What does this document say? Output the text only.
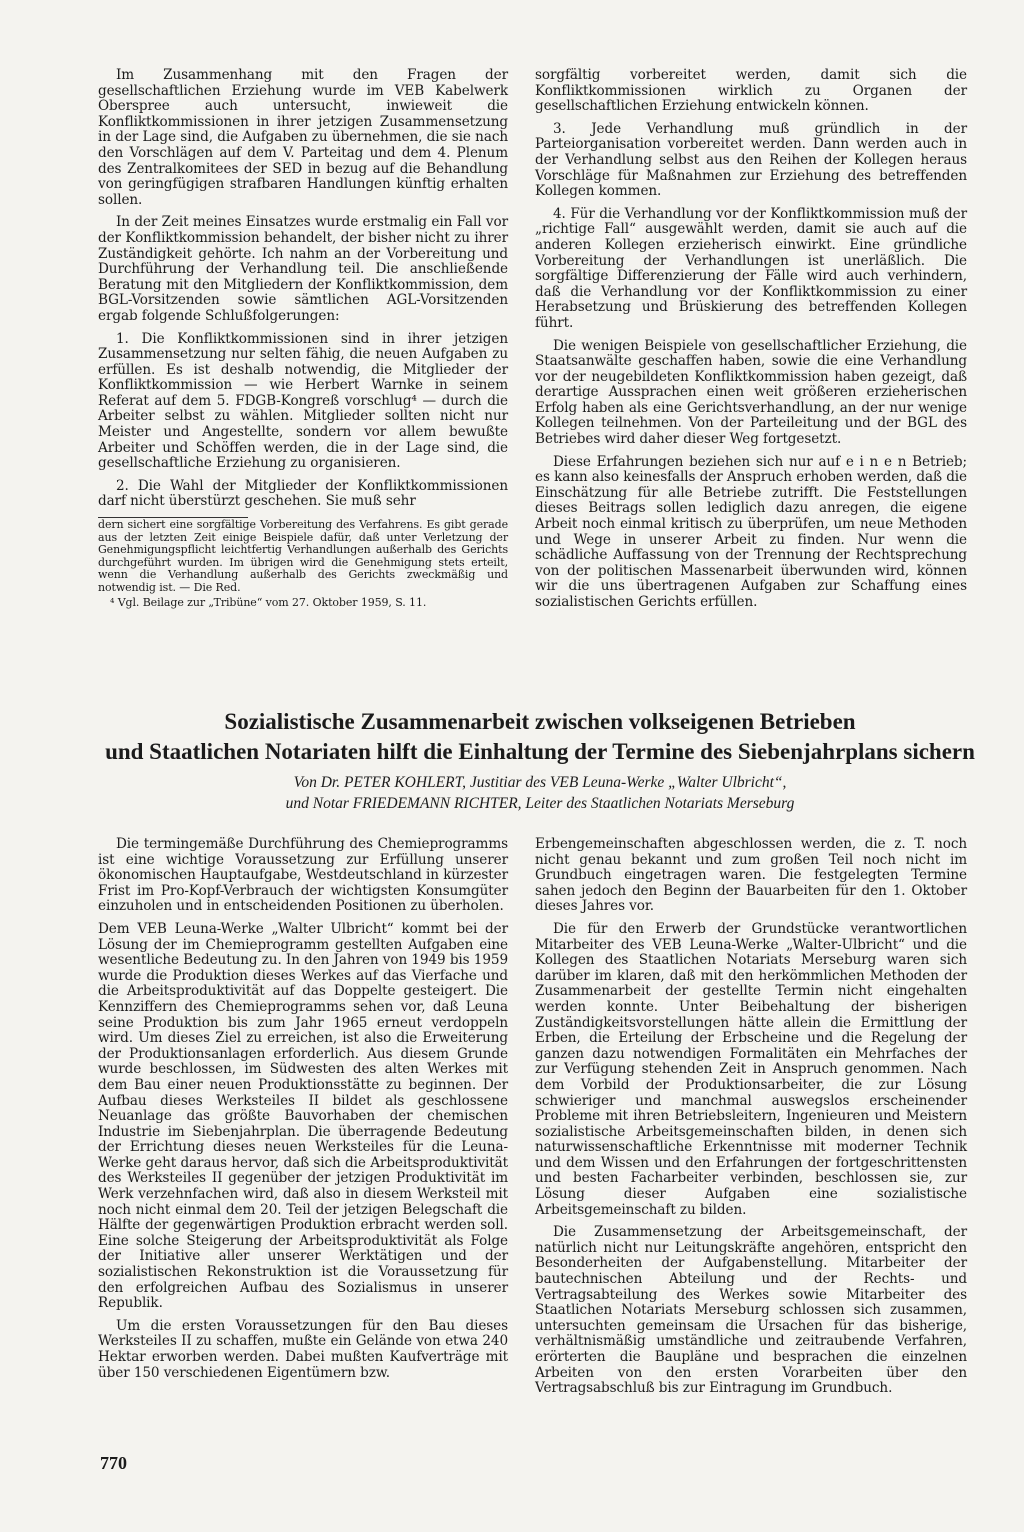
Im Zusammenhang mit den Fragen der gesellschaftlichen Erziehung wurde im VEB Kabelwerk Oberspree auch untersucht, inwieweit die Konfliktkommissionen in ihrer jetzigen Zusammensetzung in der Lage sind, die Aufgaben zu übernehmen, die sie nach den Vorschlägen auf dem V. Parteitag und dem 4. Plenum des Zentralkomitees der SED in bezug auf die Behandlung von geringfügigen strafbaren Handlungen künftig erhalten sollen.

In der Zeit meines Einsatzes wurde erstmalig ein Fall vor der Konfliktkommission behandelt, der bisher nicht zu ihrer Zuständigkeit gehörte. Ich nahm an der Vorbereitung und Durchführung der Verhandlung teil. Die anschließende Beratung mit den Mitgliedern der Konfliktkommission, dem BGL-Vorsitzenden sowie sämtlichen AGL-Vorsitzenden ergab folgende Schlußfolgerungen:

1. Die Konfliktkommissionen sind in ihrer jetzigen Zusammensetzung nur selten fähig, die neuen Aufgaben zu erfüllen. Es ist deshalb notwendig, die Mitglieder der Konfliktkommission — wie Herbert Warnke in seinem Referat auf dem 5. FDGB-Kongreß vorschlug⁴ — durch die Arbeiter selbst zu wählen. Mitglieder sollten nicht nur Meister und Angestellte, sondern vor allem bewußte Arbeiter und Schöffen werden, die in der Lage sind, die gesellschaftliche Erziehung zu organisieren.

2. Die Wahl der Mitglieder der Konfliktkommissionen darf nicht überstürzt geschehen. Sie muß sehr

dern sichert eine sorgfältige Vorbereitung des Verfahrens. Es gibt gerade aus der letzten Zeit einige Beispiele dafür, daß unter Verletzung der Genehmigungspflicht leichtfertig Verhandlungen außerhalb des Gerichts durchgeführt wurden. Im übrigen wird die Genehmigung stets erteilt, wenn die Verhandlung außerhalb des Gerichts zweckmäßig und notwendig ist. — Die Red.

⁴ Vgl. Beilage zur „Tribüne“ vom 27. Oktober 1959, S. 11.

sorgfältig vorbereitet werden, damit sich die Konfliktkommissionen wirklich zu Organen der gesellschaftlichen Erziehung entwickeln können.

3. Jede Verhandlung muß gründlich in der Parteiorganisation vorbereitet werden. Dann werden auch in der Verhandlung selbst aus den Reihen der Kollegen heraus Vorschläge für Maßnahmen zur Erziehung des betreffenden Kollegen kommen.

4. Für die Verhandlung vor der Konfliktkommission muß der „richtige Fall“ ausgewählt werden, damit sie auch auf die anderen Kollegen erzieherisch einwirkt. Eine gründliche Vorbereitung der Verhandlungen ist unerläßlich. Die sorgfältige Differenzierung der Fälle wird auch verhindern, daß die Verhandlung vor der Konfliktkommission zu einer Herabsetzung und Brüskierung des betreffenden Kollegen führt.

Die wenigen Beispiele von gesellschaftlicher Erziehung, die Staatsanwälte geschaffen haben, sowie die eine Verhandlung vor der neugebildeten Konfliktkommission haben gezeigt, daß derartige Aussprachen einen weit größeren erzieherischen Erfolg haben als eine Gerichtsverhandlung, an der nur wenige Kollegen teilnehmen. Von der Parteileitung und der BGL des Betriebes wird daher dieser Weg fortgesetzt.

Diese Erfahrungen beziehen sich nur auf e i n e n Betrieb; es kann also keinesfalls der Anspruch erhoben werden, daß die Einschätzung für alle Betriebe zutrifft. Die Feststellungen dieses Beitrags sollen lediglich dazu anregen, die eigene Arbeit noch einmal kritisch zu überprüfen, um neue Methoden und Wege in unserer Arbeit zu finden. Nur wenn die schädliche Auffassung von der Trennung der Rechtsprechung von der politischen Massenarbeit überwunden wird, können wir die uns übertragenen Aufgaben zur Schaffung eines sozialistischen Gerichts erfüllen.

Sozialistische Zusammenarbeit zwischen volkseigenen Betrieben
und Staatlichen Notariaten hilft die Einhaltung der Termine des Siebenjahrplans sichern
Von Dr. PETER KOHLERT, Justitiar des VEB Leuna-Werke „Walter Ulbricht“,
und Notar FRIEDEMANN RICHTER, Leiter des Staatlichen Notariats Merseburg

Die termingemäße Durchführung des Chemieprogramms ist eine wichtige Voraussetzung zur Erfüllung unserer ökonomischen Hauptaufgabe, Westdeutschland in kürzester Frist im Pro-Kopf-Verbrauch der wichtigsten Konsumgüter einzuholen und in entscheidenden Positionen zu überholen.

Dem VEB Leuna-Werke „Walter Ulbricht“ kommt bei der Lösung der im Chemieprogramm gestellten Aufgaben eine wesentliche Bedeutung zu. In den Jahren von 1949 bis 1959 wurde die Produktion dieses Werkes auf das Vierfache und die Arbeitsproduktivität auf das Doppelte gesteigert. Die Kennziffern des Chemieprogramms sehen vor, daß Leuna seine Produktion bis zum Jahr 1965 erneut verdoppeln wird. Um dieses Ziel zu erreichen, ist also die Erweiterung der Produktionsanlagen erforderlich. Aus diesem Grunde wurde beschlossen, im Südwesten des alten Werkes mit dem Bau einer neuen Produktionsstätte zu beginnen. Der Aufbau dieses Werksteiles II bildet als geschlossene Neuanlage das größte Bauvorhaben der chemischen Industrie im Siebenjahrplan. Die überragende Bedeutung der Errichtung dieses neuen Werksteiles für die Leuna-Werke geht daraus hervor, daß sich die Arbeitsproduktivität des Werksteiles II gegenüber der jetzigen Produktivität im Werk verzehnfachen wird, daß also in diesem Werksteil mit noch nicht einmal dem 20. Teil der jetzigen Belegschaft die Hälfte der gegenwärtigen Produktion erbracht werden soll. Eine solche Steigerung der Arbeitsproduktivität als Folge der Initiative aller unserer Werktätigen und der sozialistischen Rekonstruktion ist die Voraussetzung für den erfolgreichen Aufbau des Sozialismus in unserer Republik.

Um die ersten Voraussetzungen für den Bau dieses Werksteiles II zu schaffen, mußte ein Gelände von etwa 240 Hektar erworben werden. Dabei mußten Kaufverträge mit über 150 verschiedenen Eigentümern bzw.

Erbengemeinschaften abgeschlossen werden, die z. T. noch nicht genau bekannt und zum großen Teil noch nicht im Grundbuch eingetragen waren. Die festgelegten Termine sahen jedoch den Beginn der Bauarbeiten für den 1. Oktober dieses Jahres vor.

Die für den Erwerb der Grundstücke verantwortlichen Mitarbeiter des VEB Leuna-Werke „Walter-Ulbricht“ und die Kollegen des Staatlichen Notariats Merseburg waren sich darüber im klaren, daß mit den herkömmlichen Methoden der Zusammenarbeit der gestellte Termin nicht eingehalten werden konnte. Unter Beibehaltung der bisherigen Zuständigkeitsvorstellungen hätte allein die Ermittlung der Erben, die Erteilung der Erbscheine und die Regelung der ganzen dazu notwendigen Formalitäten ein Mehrfaches der zur Verfügung stehenden Zeit in Anspruch genommen. Nach dem Vorbild der Produktionsarbeiter, die zur Lösung schwieriger und manchmal auswegslos erscheinender Probleme mit ihren Betriebsleitern, Ingenieuren und Meistern sozialistische Arbeitsgemeinschaften bilden, in denen sich naturwissenschaftliche Erkenntnisse mit moderner Technik und dem Wissen und den Erfahrungen der fortgeschrittensten und besten Facharbeiter verbinden, beschlossen sie, zur Lösung dieser Aufgaben eine sozialistische Arbeitsgemeinschaft zu bilden.

Die Zusammensetzung der Arbeitsgemeinschaft, der natürlich nicht nur Leitungskräfte angehören, entspricht den Besonderheiten der Aufgabenstellung. Mitarbeiter der bautechnischen Abteilung und der Rechts- und Vertragsabteilung des Werkes sowie Mitarbeiter des Staatlichen Notariats Merseburg schlossen sich zusammen, untersuchten gemeinsam die Ursachen für das bisherige, verhältnismäßig umständliche und zeitraubende Verfahren, erörterten die Baupläne und besprachen die einzelnen Arbeiten von den ersten Vorarbeiten über den Vertragsabschluß bis zur Eintragung im Grundbuch.

770
